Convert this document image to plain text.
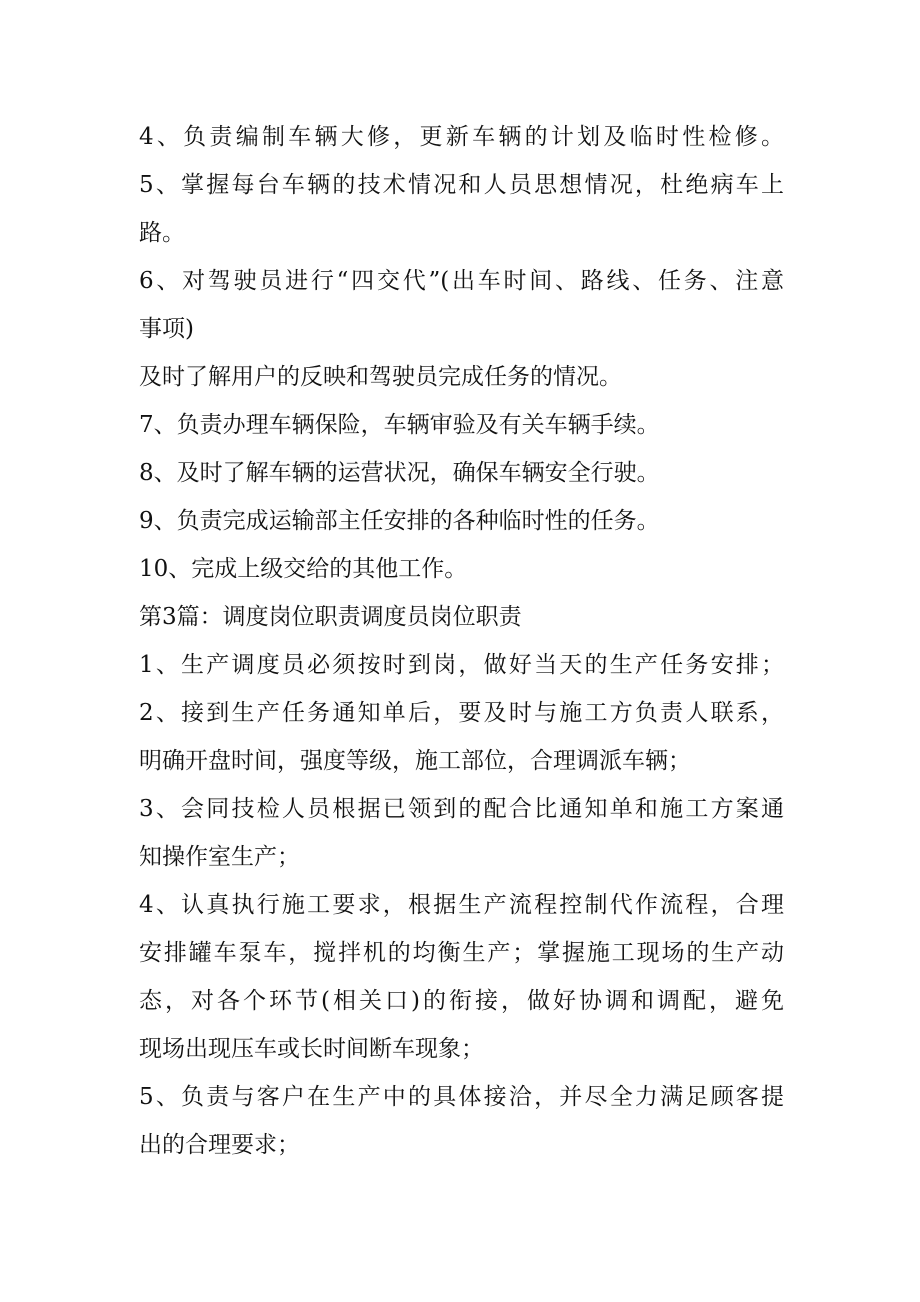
4、负责编制车辆大修，更新车辆的计划及临时性检修。
5、掌握每台车辆的技术情况和人员思想情况，杜绝病车上
路。
6、对驾驶员进行“四交代”(出车时间、路线、任务、注意
事项)
及时了解用户的反映和驾驶员完成任务的情况。
7、负责办理车辆保险，车辆审验及有关车辆手续。
8、及时了解车辆的运营状况，确保车辆安全行驶。
9、负责完成运输部主任安排的各种临时性的任务。
10、完成上级交给的其他工作。
第3篇：调度岗位职责调度员岗位职责
1、生产调度员必须按时到岗，做好当天的生产任务安排；
2、接到生产任务通知单后，要及时与施工方负责人联系，
明确开盘时间，强度等级，施工部位，合理调派车辆；
3、会同技检人员根据已领到的配合比通知单和施工方案通
知操作室生产；
4、认真执行施工要求，根据生产流程控制代作流程，合理
安排罐车泵车，搅拌机的均衡生产；掌握施工现场的生产动
态，对各个环节(相关口)的衔接，做好协调和调配，避免
现场出现压车或长时间断车现象；
5、负责与客户在生产中的具体接洽，并尽全力满足顾客提
出的合理要求；
